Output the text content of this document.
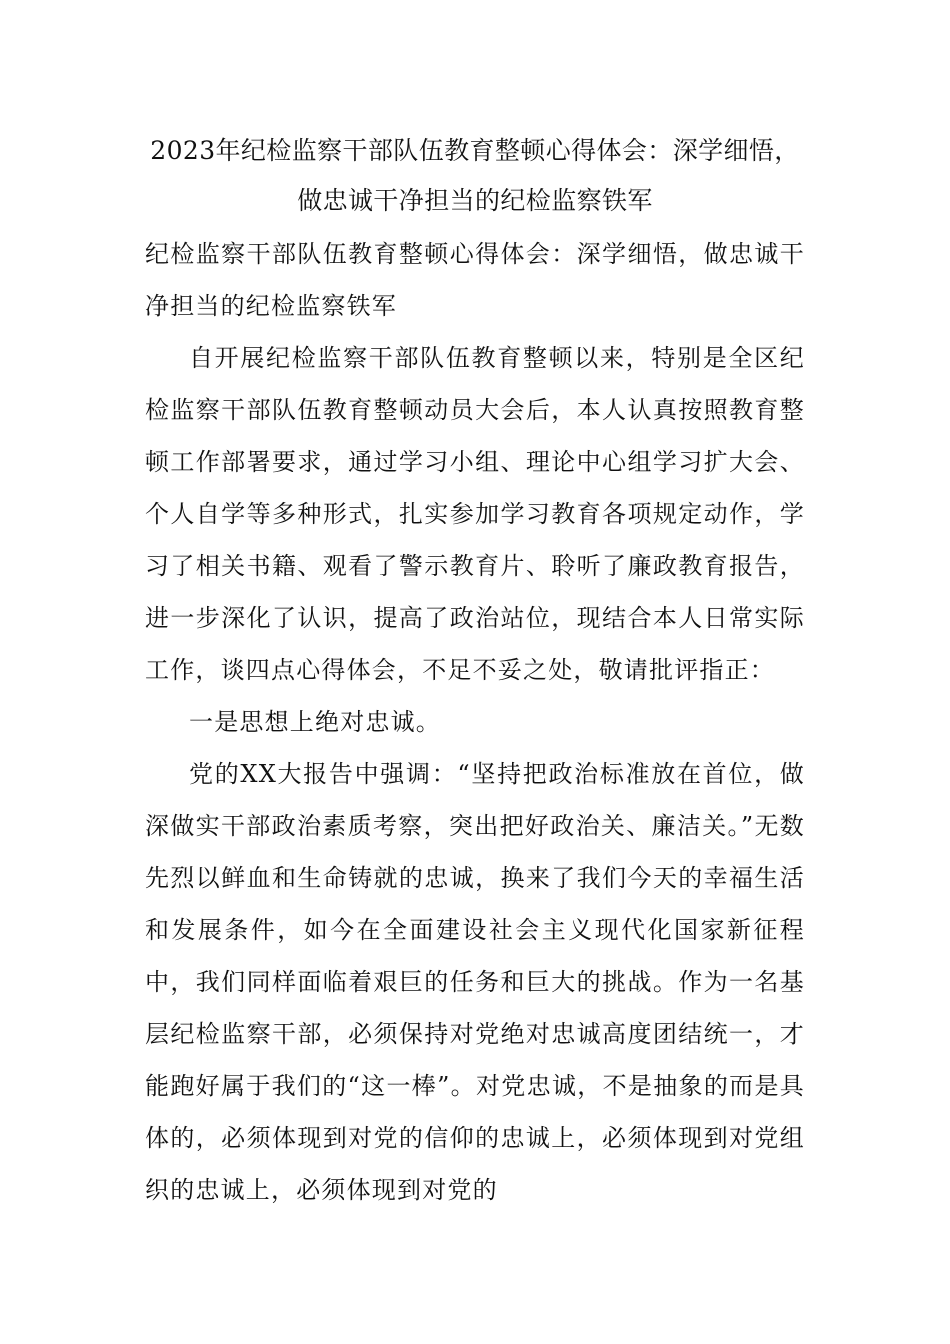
2023年纪检监察干部队伍教育整顿心得体会：深学细悟，
做忠诚干净担当的纪检监察铁军

纪检监察干部队伍教育整顿心得体会：深学细悟，做忠诚干净担当的纪检监察铁军

自开展纪检监察干部队伍教育整顿以来，特别是全区纪检监察干部队伍教育整顿动员大会后，本人认真按照教育整顿工作部署要求，通过学习小组、理论中心组学习扩大会、个人自学等多种形式，扎实参加学习教育各项规定动作，学习了相关书籍、观看了警示教育片、聆听了廉政教育报告，进一步深化了认识，提高了政治站位，现结合本人日常实际工作，谈四点心得体会，不足不妥之处，敬请批评指正：

一是思想上绝对忠诚。

党的XX大报告中强调：“坚持把政治标准放在首位，做深做实干部政治素质考察，突出把好政治关、廉洁关。”无数先烈以鲜血和生命铸就的忠诚，换来了我们今天的幸福生活和发展条件，如今在全面建设社会主义现代化国家新征程中，我们同样面临着艰巨的任务和巨大的挑战。作为一名基层纪检监察干部，必须保持对党绝对忠诚高度团结统一，才能跑好属于我们的“这一棒”。对党忠诚，不是抽象的而是具体的，必须体现到对党的信仰的忠诚上，必须体现到对党组织的忠诚上，必须体现到对党的
